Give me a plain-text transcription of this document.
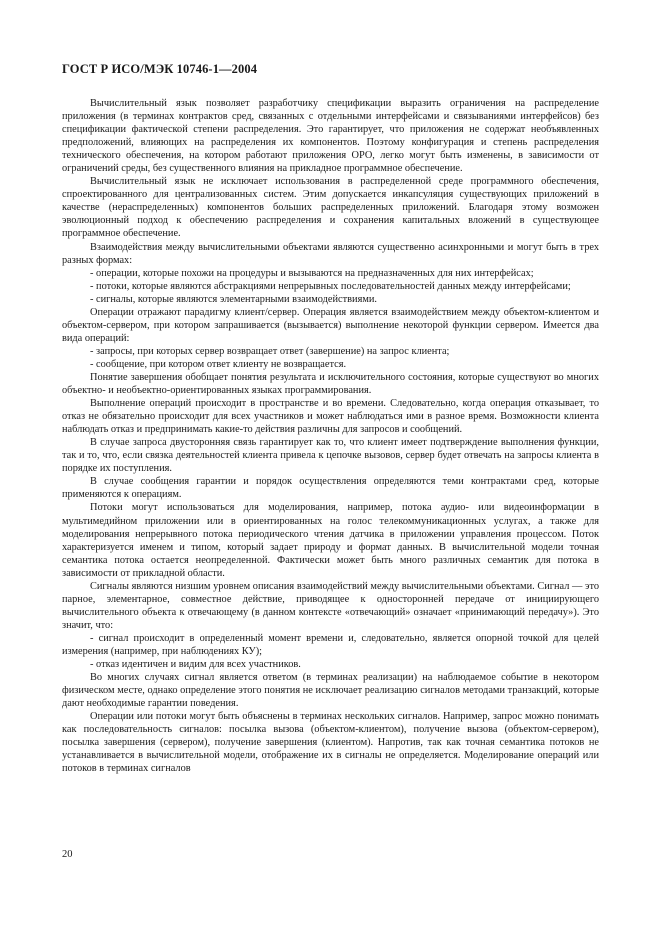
ГОСТ Р ИСО/МЭК 10746-1—2004

Вычислительный язык позволяет разработчику спецификации выразить ограничения на распределение приложения (в терминах контрактов сред, связанных с отдельными интерфейсами и связываниями интерфейсов) без спецификации фактической степени распределения. Это гарантирует, что приложения не содержат необъявленных предположений, влияющих на распределения их компонентов. Поэтому конфигурация и степень распределения технического обеспечения, на котором работают приложения ОРО, легко могут быть изменены, в зависимости от ограничений среды, без существенного влияния на прикладное программное обеспечение.

Вычислительный язык не исключает использования в распределенной среде программного обеспечения, спроектированного для централизованных систем. Этим допускается инкапсуляция существующих приложений в качестве (нераспределенных) компонентов больших распределенных приложений. Благодаря этому возможен эволюционный подход к обеспечению распределения и сохранения капитальных вложений в существующее программное обеспечение.

Взаимодействия между вычислительными объектами являются существенно асинхронными и могут быть в трех разных формах:

- операции, которые похожи на процедуры и вызываются на предназначенных для них интерфейсах;

- потоки, которые являются абстракциями непрерывных последовательностей данных между интерфейсами;

- сигналы, которые являются элементарными взаимодействиями.

Операции отражают парадигму клиент/сервер. Операция является взаимодействием между объектом-клиентом и объектом-сервером, при котором запрашивается (вызывается) выполнение некоторой функции сервером. Имеется два вида операций:

- запросы, при которых сервер возвращает ответ (завершение) на запрос клиента;

- сообщение, при котором ответ клиенту не возвращается.

Понятие завершения обобщает понятия результата и исключительного состояния, которые существуют во многих объектно- и необъектно-ориентированных языках программирования.

Выполнение операций происходит в пространстве и во времени. Следовательно, когда операция отказывает, то отказ не обязательно происходит для всех участников и может наблюдаться ими в разное время. Возможности клиента наблюдать отказ и предпринимать какие-то действия различны для запросов и сообщений.

В случае запроса двусторонняя связь гарантирует как то, что клиент имеет подтверждение выполнения функции, так и то, что, если связка деятельностей клиента привела к цепочке вызовов, сервер будет отвечать на запросы клиента в порядке их поступления.

В случае сообщения гарантии и порядок осуществления определяются теми контрактами сред, которые применяются к операциям.

Потоки могут использоваться для моделирования, например, потока аудио- или видеоинформации в мультимедийном приложении или в ориентированных на голос телекоммуникационных услугах, а также для моделирования непрерывного потока периодического чтения датчика в приложении управления процессом. Поток характеризуется именем и типом, который задает природу и формат данных. В вычислительной модели точная семантика потока остается неопределенной. Фактически может быть много различных семантик для потока в зависимости от прикладной области.

Сигналы являются низшим уровнем описания взаимодействий между вычислительными объектами. Сигнал — это парное, элементарное, совместное действие, приводящее к односторонней передаче от инициирующего вычислительного объекта к отвечающему (в данном контексте «отвечающий» означает «принимающий передачу»). Это значит, что:

- сигнал происходит в определенный момент времени и, следовательно, является опорной точкой для целей измерения (например, при наблюдениях КУ);

- отказ идентичен и видим для всех участников.

Во многих случаях сигнал является ответом (в терминах реализации) на наблюдаемое событие в некотором физическом месте, однако определение этого понятия не исключает реализацию сигналов методами транзакций, которые дают необходимые гарантии поведения.

Операции или потоки могут быть объяснены в терминах нескольких сигналов. Например, запрос можно понимать как последовательность сигналов: посылка вызова (объектом-клиентом), получение вызова (объектом-сервером), посылка завершения (сервером), получение завершения (клиентом). Напротив, так как точная семантика потоков не устанавливается в вычислительной модели, отображение их в сигналы не определяется. Моделирование операций или потоков в терминах сигналов

20
